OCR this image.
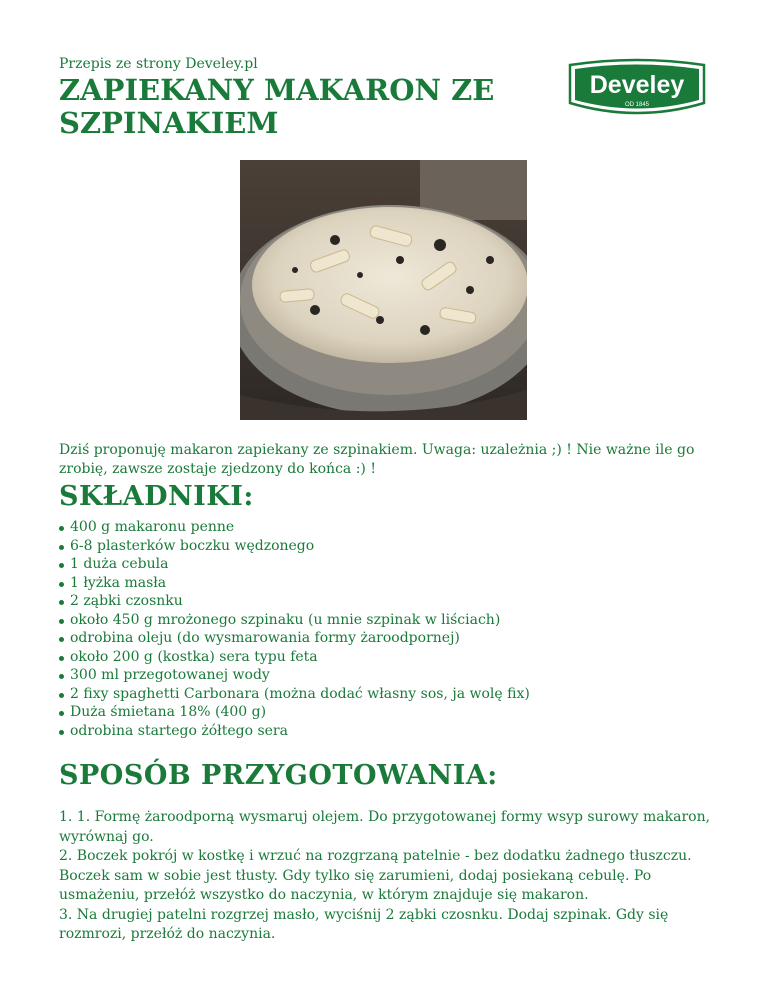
Przepis ze strony Develey.pl
ZAPIEKANY MAKARON ZE SZPINAKIEM
Develey
OD 1845

Dziś proponuję makaron zapiekany ze szpinakiem. Uwaga: uzależnia ;) ! Nie ważne ile go zrobię, zawsze zostaje zjedzony do końca :) !

SKŁADNIKI:
400 g makaronu penne
6-8 plasterków boczku wędzonego
1 duża cebula
1 łyżka masła
2 ząbki czosnku
około 450 g mrożonego szpinaku (u mnie szpinak w liściach)
odrobina oleju (do wysmarowania formy żaroodpornej)
około 200 g (kostka) sera typu feta
300 ml przegotowanej wody
2 fixy spaghetti Carbonara (można dodać własny sos, ja wolę fix)
Duża śmietana 18% (400 g)
odrobina startego żółtego sera
SPOSÓB PRZYGOTOWANIA:

1. 1. Formę żaroodporną wysmaruj olejem. Do przygotowanej formy wsyp surowy makaron, wyrównaj go.

2. Boczek pokrój w kostkę i wrzuć na rozgrzaną patelnie - bez dodatku żadnego tłuszczu. Boczek sam w sobie jest tłusty. Gdy tylko się zarumieni, dodaj posiekaną cebulę. Po usmażeniu, przełóż wszystko do naczynia, w którym znajduje się makaron.

3. Na drugiej patelni rozgrzej masło, wyciśnij 2 ząbki czosnku. Dodaj szpinak. Gdy się rozmrozi, przełóż do naczynia.
